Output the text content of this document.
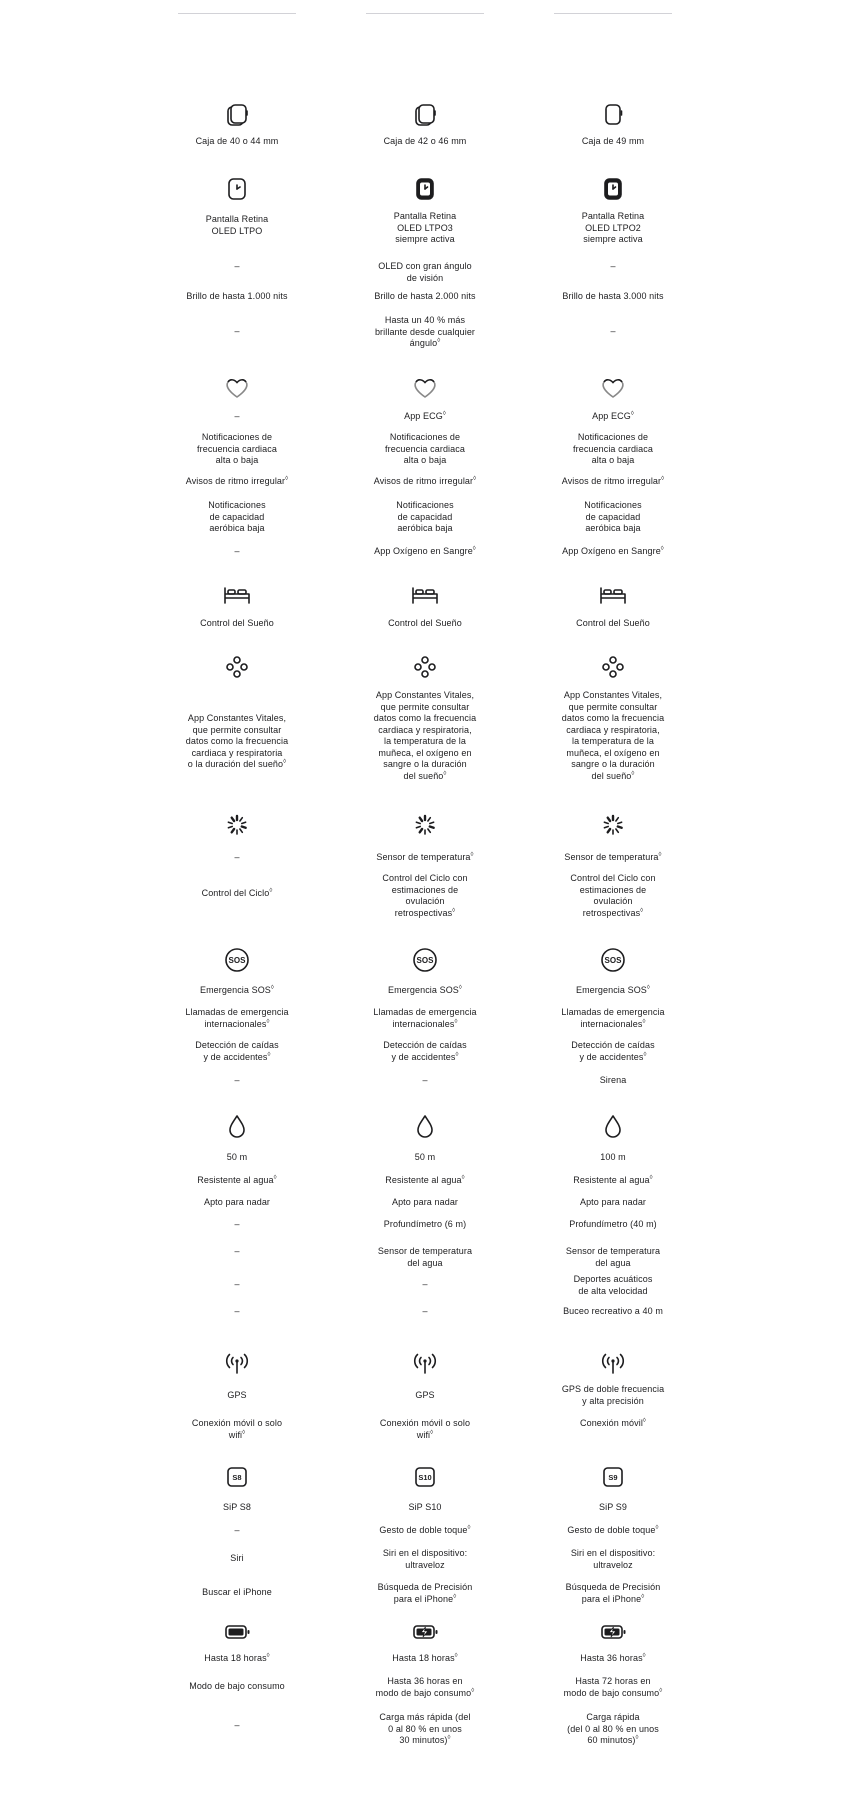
Caja de 40 o 44 mm
Pantalla Retina
OLED LTPO
–
Brillo de hasta 1.000 nits
–
–
Notificaciones de
frecuencia cardiaca
alta o baja
Avisos de ritmo irregular◊
Notificaciones
de capacidad
aeróbica baja
–
Control del Sueño
App Constantes Vitales,
que permite consultar
datos como la frecuencia
cardiaca y respiratoria
o la duración del sueño◊
–
Control del Ciclo◊
SOS
Emergencia SOS◊
Llamadas de emergencia
internacionales◊
Detección de caídas
y de accidentes◊
–
50 m
Resistente al agua◊
Apto para nadar
–
–
–
–
GPS
Conexión móvil o solo
wifi◊
S8
SiP S8
–
Siri
Buscar el iPhone
Hasta 18 horas◊
Modo de bajo consumo
–
Caja de 42 o 46 mm
Pantalla Retina
OLED LTPO3
siempre activa
OLED con gran ángulo
de visión
Brillo de hasta 2.000 nits
Hasta un 40 % más
brillante desde cualquier
ángulo◊
App ECG◊
Notificaciones de
frecuencia cardiaca
alta o baja
Avisos de ritmo irregular◊
Notificaciones
de capacidad
aeróbica baja
App Oxígeno en Sangre◊
Control del Sueño
App Constantes Vitales,
que permite consultar
datos como la frecuencia
cardiaca y respiratoria,
la temperatura de la
muñeca, el oxígeno en
sangre o la duración
del sueño◊
Sensor de temperatura◊
Control del Ciclo con
estimaciones de
ovulación
retrospectivas◊
SOS
Emergencia SOS◊
Llamadas de emergencia
internacionales◊
Detección de caídas
y de accidentes◊
–
50 m
Resistente al agua◊
Apto para nadar
Profundímetro (6 m)
Sensor de temperatura
del agua
–
–
GPS
Conexión móvil o solo
wifi◊
S10
SiP S10
Gesto de doble toque◊
Siri en el dispositivo:
ultraveloz
Búsqueda de Precisión
para el iPhone◊
Hasta 18 horas◊
Hasta 36 horas en
modo de bajo consumo◊
Carga más rápida (del
0 al 80 % en unos
30 minutos)◊
Caja de 49 mm
Pantalla Retina
OLED LTPO2
siempre activa
–
Brillo de hasta 3.000 nits
–
App ECG◊
Notificaciones de
frecuencia cardiaca
alta o baja
Avisos de ritmo irregular◊
Notificaciones
de capacidad
aeróbica baja
App Oxígeno en Sangre◊
Control del Sueño
App Constantes Vitales,
que permite consultar
datos como la frecuencia
cardiaca y respiratoria,
la temperatura de la
muñeca, el oxígeno en
sangre o la duración
del sueño◊
Sensor de temperatura◊
Control del Ciclo con
estimaciones de
ovulación
retrospectivas◊
SOS
Emergencia SOS◊
Llamadas de emergencia
internacionales◊
Detección de caídas
y de accidentes◊
Sirena
100 m
Resistente al agua◊
Apto para nadar
Profundímetro (40 m)
Sensor de temperatura
del agua
Deportes acuáticos
de alta velocidad
Buceo recreativo a 40 m
GPS de doble frecuencia
y alta precisión
Conexión móvil◊
S9
SiP S9
Gesto de doble toque◊
Siri en el dispositivo:
ultraveloz
Búsqueda de Precisión
para el iPhone◊
Hasta 36 horas◊
Hasta 72 horas en
modo de bajo consumo◊
Carga rápida
(del 0 al 80 % en unos
60 minutos)◊
